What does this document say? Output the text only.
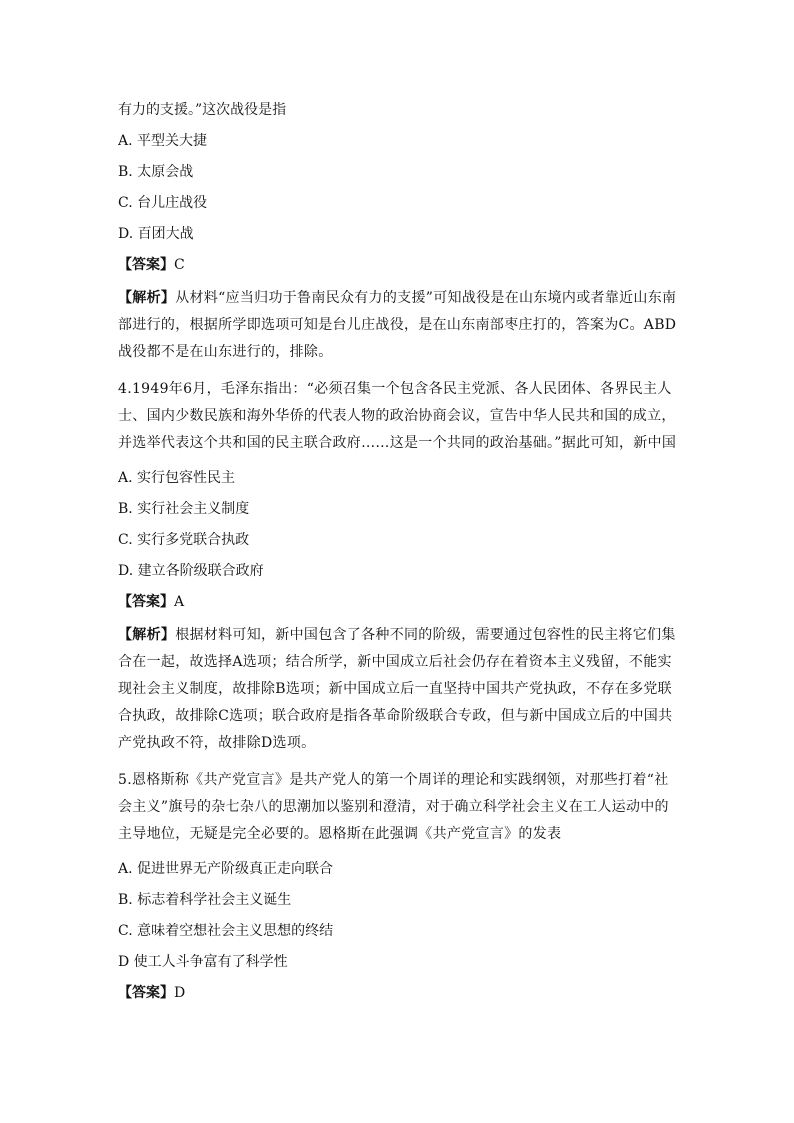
有力的支援。”这次战役是指
A. 平型关大捷
B. 太原会战
C. 台儿庄战役
D. 百团大战
【答案】C
【解析】从材料“应当归功于鲁南民众有力的支援”可知战役是在山东境内或者靠近山东南部进行的，根据所学即选项可知是台儿庄战役，是在山东南部枣庄打的，答案为C。ABD战役都不是在山东进行的，排除。
4.1949年6月，毛泽东指出：“必须召集一个包含各民主党派、各人民团体、各界民主人士、国内少数民族和海外华侨的代表人物的政治协商会议，宣告中华人民共和国的成立，并选举代表这个共和国的民主联合政府……这是一个共同的政治基础。”据此可知，新中国
A. 实行包容性民主
B. 实行社会主义制度
C. 实行多党联合执政
D. 建立各阶级联合政府
【答案】A
【解析】根据材料可知，新中国包含了各种不同的阶级，需要通过包容性的民主将它们集合在一起，故选择A选项；结合所学，新中国成立后社会仍存在着资本主义残留，不能实现社会主义制度，故排除B选项；新中国成立后一直坚持中国共产党执政，不存在多党联合执政，故排除C选项；联合政府是指各革命阶级联合专政，但与新中国成立后的中国共产党执政不符，故排除D选项。
5.恩格斯称《共产党宣言》是共产党人的第一个周详的理论和实践纲领，对那些打着“社会主义”旗号的杂七杂八的思潮加以鉴别和澄清，对于确立科学社会主义在工人运动中的主导地位，无疑是完全必要的。恩格斯在此强调《共产党宣言》的发表
A. 促进世界无产阶级真正走向联合
B. 标志着科学社会主义诞生
C. 意味着空想社会主义思想的终结
D 使工人斗争富有了科学性
【答案】D
